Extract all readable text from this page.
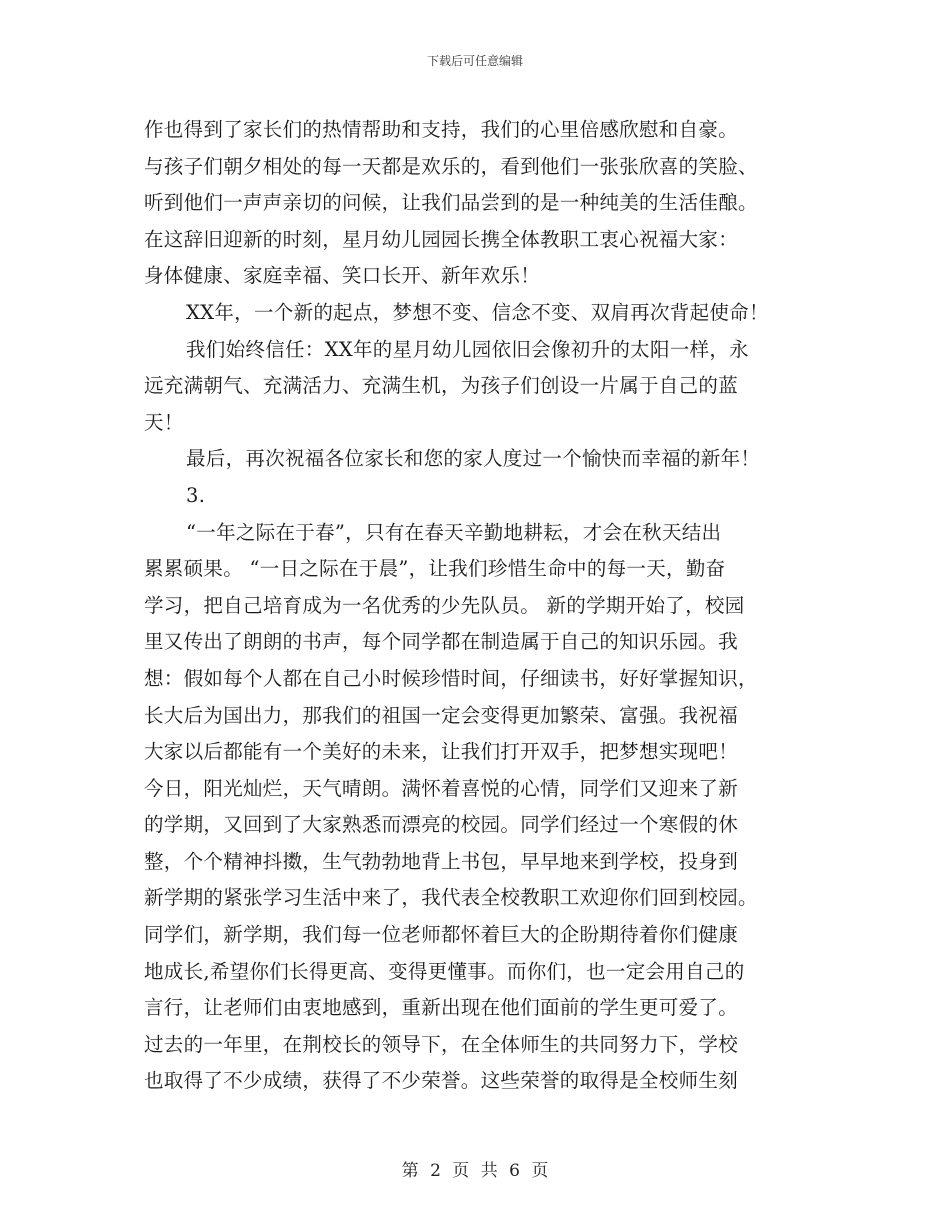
下载后可任意编辑
作也得到了家长们的热情帮助和支持，我们的心里倍感欣慰和自豪。
与孩子们朝夕相处的每一天都是欢乐的，看到他们一张张欣喜的笑脸、
听到他们一声声亲切的问候，让我们品尝到的是一种纯美的生活佳酿。
在这辞旧迎新的时刻，星月幼儿园园长携全体教职工衷心祝福大家：
身体健康、家庭幸福、笑口长开、新年欢乐！
XX年，一个新的起点，梦想不变、信念不变、双肩再次背起使命！
我们始终信任：XX年的星月幼儿园依旧会像初升的太阳一样，永
远充满朝气、充满活力、充满生机，为孩子们创设一片属于自己的蓝
天！
最后，再次祝福各位家长和您的家人度过一个愉快而幸福的新年！
3.
“一年之际在于春”，只有在春天辛勤地耕耘，才会在秋天结出
累累硕果。 “一日之际在于晨”，让我们珍惜生命中的每一天，勤奋
学习，把自己培育成为一名优秀的少先队员。 新的学期开始了，校园
里又传出了朗朗的书声，每个同学都在制造属于自己的知识乐园。我
想：假如每个人都在自己小时候珍惜时间，仔细读书，好好掌握知识，
长大后为国出力，那我们的祖国一定会变得更加繁荣、富强。我祝福
大家以后都能有一个美好的未来，让我们打开双手，把梦想实现吧！
今日，阳光灿烂，天气晴朗。满怀着喜悦的心情，同学们又迎来了新
的学期，又回到了大家熟悉而漂亮的校园。同学们经过一个寒假的休
整，个个精神抖擞，生气勃勃地背上书包，早早地来到学校，投身到
新学期的紧张学习生活中来了，我代表全校教职工欢迎你们回到校园。
同学们，新学期，我们每一位老师都怀着巨大的企盼期待着你们健康
地成长,希望你们长得更高、变得更懂事。而你们，也一定会用自己的
言行，让老师们由衷地感到，重新出现在他们面前的学生更可爱了。
过去的一年里，在荆校长的领导下，在全体师生的共同努力下，学校
也取得了不少成绩，获得了不少荣誉。这些荣誉的取得是全校师生刻
第 2 页 共 6 页
